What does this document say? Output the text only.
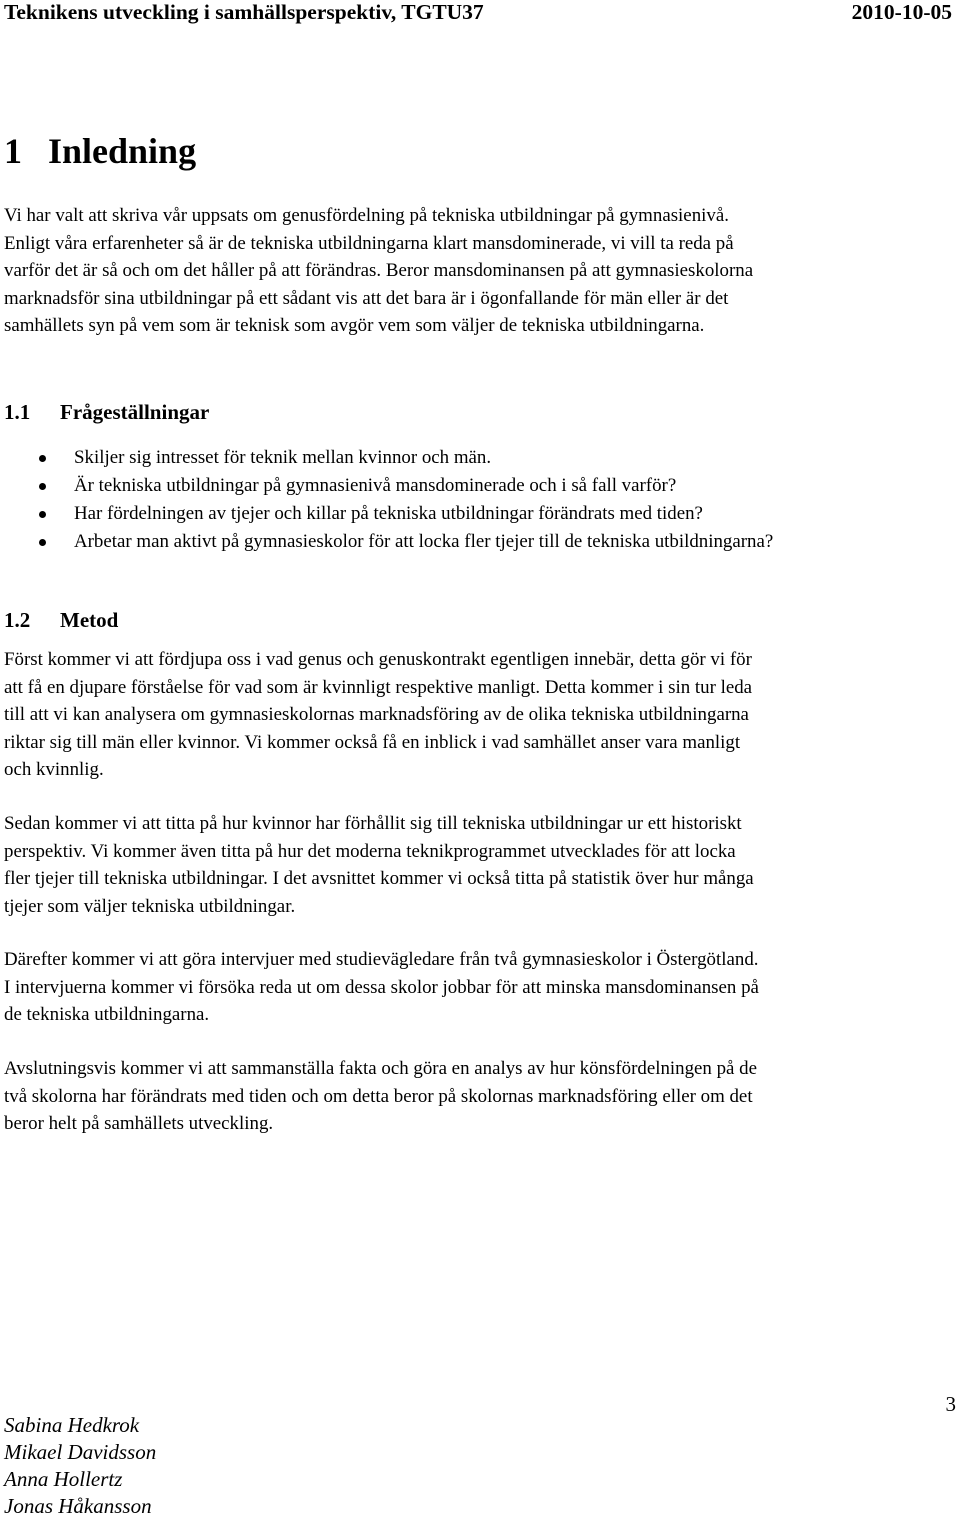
Teknikens utveckling i samhällsperspektiv, TGTU37	2010-10-05
1 Inledning

Vi har valt att skriva vår uppsats om genusfördelning på tekniska utbildningar på gymnasienivå.

Enligt våra erfarenheter så är de tekniska utbildningarna klart mansdominerade, vi vill ta reda på

varför det är så och om det håller på att förändras. Beror mansdominansen på att gymnasieskolorna

marknadsför sina utbildningar på ett sådant vis att det bara är i ögonfallande för män eller är det

samhällets syn på vem som är teknisk som avgör vem som väljer de tekniska utbildningarna.

1.1 Frågeställningar
Skiljer sig intresset för teknik mellan kvinnor och män.
Är tekniska utbildningar på gymnasienivå mansdominerade och i så fall varför?
Har fördelningen av tjejer och killar på tekniska utbildningar förändrats med tiden?
Arbetar man aktivt på gymnasieskolor för att locka fler tjejer till de tekniska utbildningarna?
1.2 Metod

Först kommer vi att fördjupa oss i vad genus och genuskontrakt egentligen innebär, detta gör vi för

att få en djupare förståelse för vad som är kvinnligt respektive manligt. Detta kommer i sin tur leda

till att vi kan analysera om gymnasieskolornas marknadsföring av de olika tekniska utbildningarna

riktar sig till män eller kvinnor. Vi kommer också få en inblick i vad samhället anser vara manligt

och kvinnlig.

Sedan kommer vi att titta på hur kvinnor har förhållit sig till tekniska utbildningar ur ett historiskt

perspektiv. Vi kommer även titta på hur det moderna teknikprogrammet utvecklades för att locka

fler tjejer till tekniska utbildningar. I det avsnittet kommer vi också titta på statistik över hur många

tjejer som väljer tekniska utbildningar.

Därefter kommer vi att göra intervjuer med studievägledare från två gymnasieskolor i Östergötland.

I intervjuerna kommer vi försöka reda ut om dessa skolor jobbar för att minska mansdominansen på

de tekniska utbildningarna.

Avslutningsvis kommer vi att sammanställa fakta och göra en analys av hur könsfördelningen på de

två skolorna har förändrats med tiden och om detta beror på skolornas marknadsföring eller om det

beror helt på samhällets utveckling.

3
Sabina Hedkrok
Mikael Davidsson
Anna Hollertz
Jonas Håkansson
